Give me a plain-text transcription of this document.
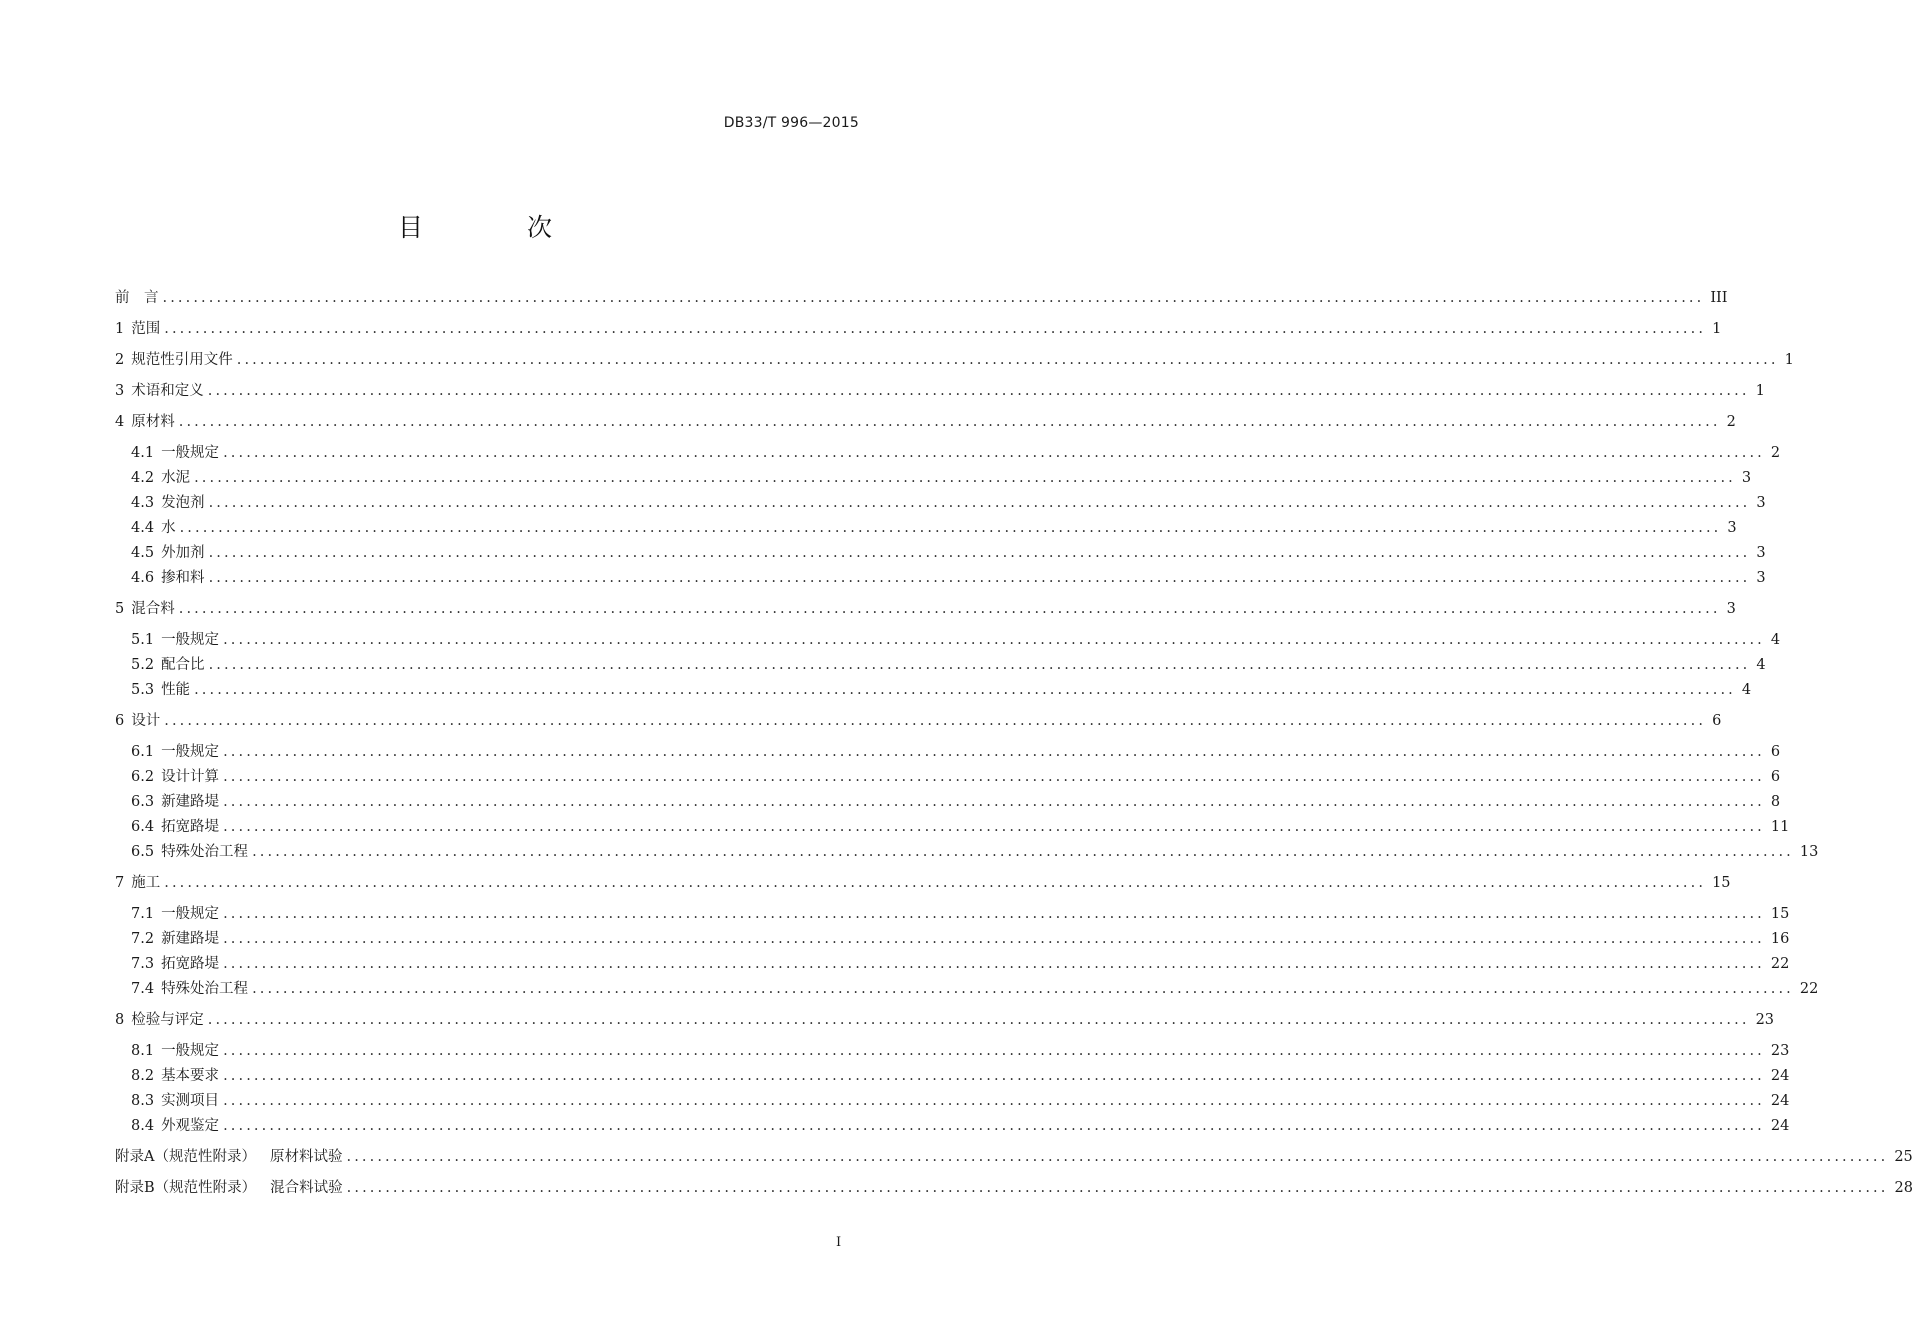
DB33/T 996—2015
目 次
前　言 ........................................................................................................................................................................................................ III
1 范围 ........................................................................................................................................................................................................ 1
2 规范性引用文件 ........................................................................................................................................................................................................ 1
3 术语和定义 ........................................................................................................................................................................................................ 1
4 原材料 ........................................................................................................................................................................................................ 2
4.1 一般规定 ........................................................................................................................................................................................................ 2
4.2 水泥 ........................................................................................................................................................................................................ 3
4.3 发泡剂 ........................................................................................................................................................................................................ 3
4.4 水 ........................................................................................................................................................................................................ 3
4.5 外加剂 ........................................................................................................................................................................................................ 3
4.6 掺和料 ........................................................................................................................................................................................................ 3
5 混合料 ........................................................................................................................................................................................................ 3
5.1 一般规定 ........................................................................................................................................................................................................ 4
5.2 配合比 ........................................................................................................................................................................................................ 4
5.3 性能 ........................................................................................................................................................................................................ 4
6 设计 ........................................................................................................................................................................................................ 6
6.1 一般规定 ........................................................................................................................................................................................................ 6
6.2 设计计算 ........................................................................................................................................................................................................ 6
6.3 新建路堤 ........................................................................................................................................................................................................ 8
6.4 拓宽路堤 ........................................................................................................................................................................................................ 11
6.5 特殊处治工程 ........................................................................................................................................................................................................ 13
7 施工 ........................................................................................................................................................................................................ 15
7.1 一般规定 ........................................................................................................................................................................................................ 15
7.2 新建路堤 ........................................................................................................................................................................................................ 16
7.3 拓宽路堤 ........................................................................................................................................................................................................ 22
7.4 特殊处治工程 ........................................................................................................................................................................................................ 22
8 检验与评定 ........................................................................................................................................................................................................ 23
8.1 一般规定 ........................................................................................................................................................................................................ 23
8.2 基本要求 ........................................................................................................................................................................................................ 24
8.3 实测项目 ........................................................................................................................................................................................................ 24
8.4 外观鉴定 ........................................................................................................................................................................................................ 24
附录A（规范性附录） 原材料试验 ........................................................................................................................................................................................................ 25
附录B（规范性附录） 混合料试验 ........................................................................................................................................................................................................ 28
I
